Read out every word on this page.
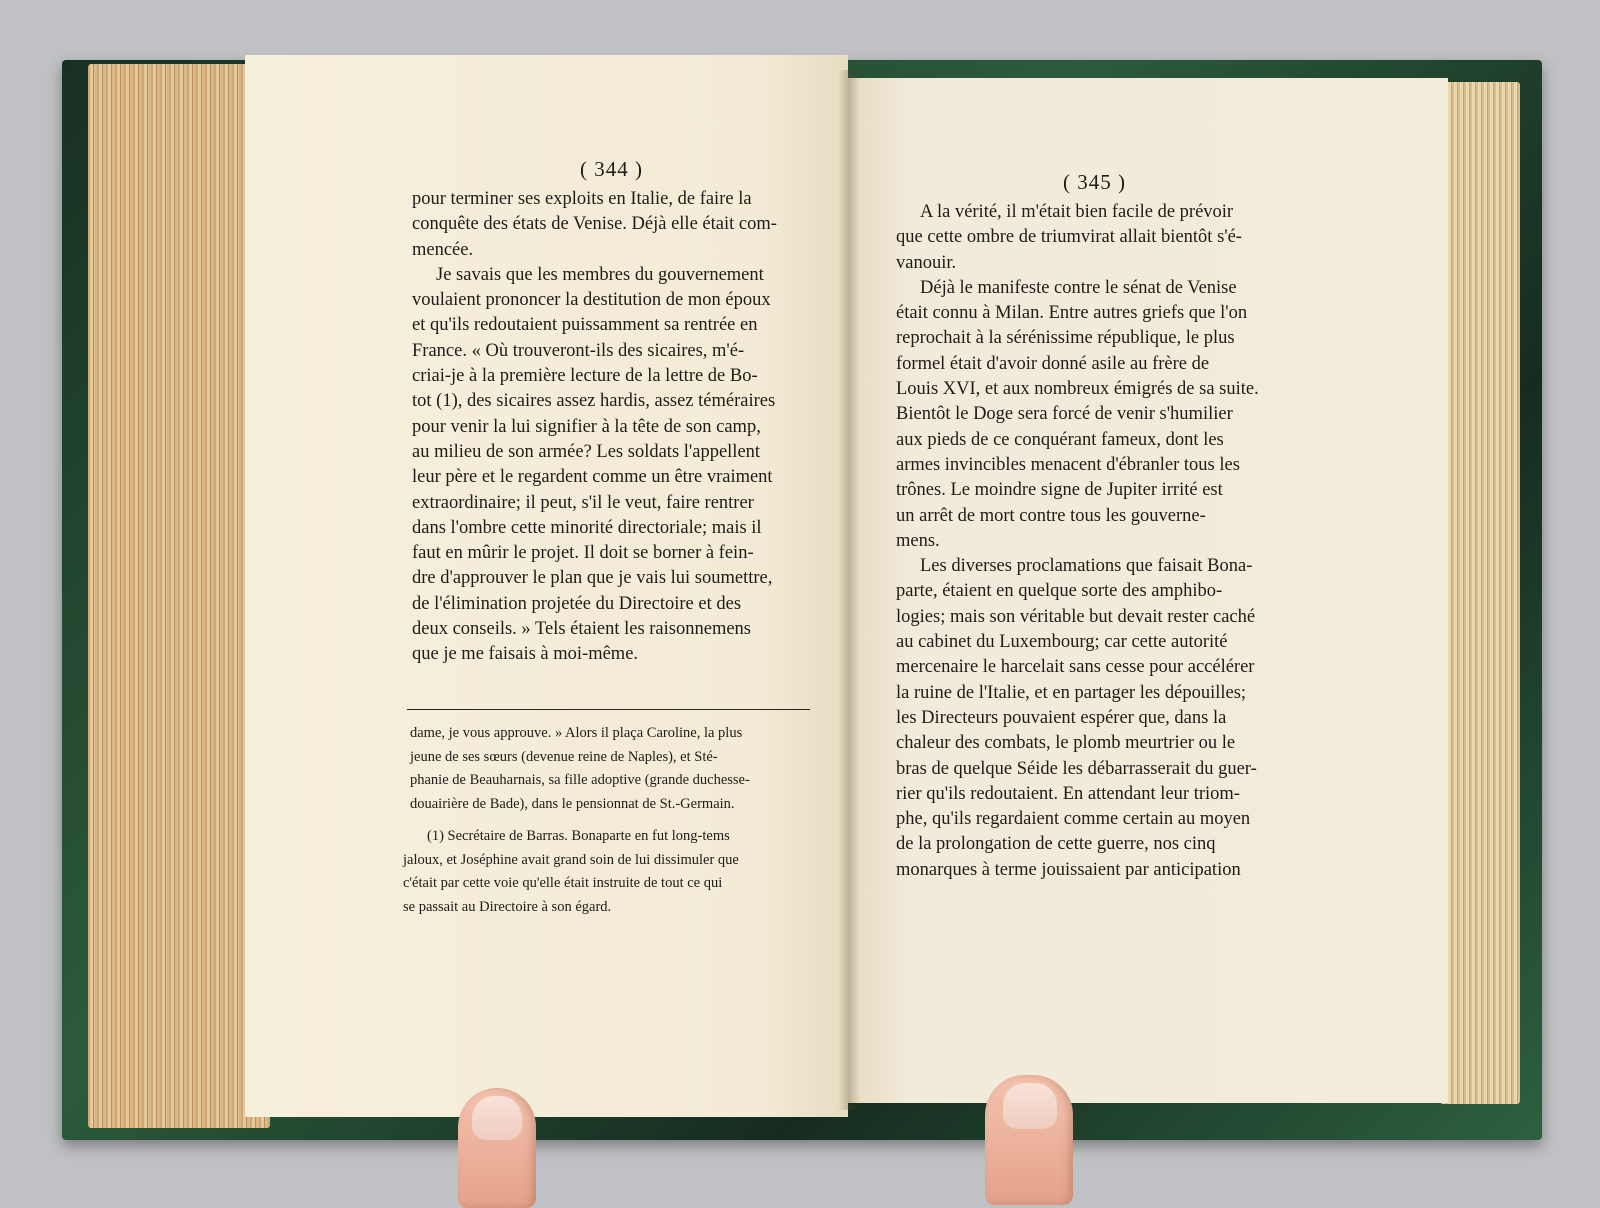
( 344 )
pour terminer ses exploits en Italie, de faire la
conquête des états de Venise. Déjà elle était com-
mencée.
Je savais que les membres du gouvernement
voulaient prononcer la destitution de mon époux
et qu'ils redoutaient puissamment sa rentrée en
France. « Où trouveront-ils des sicaires, m'é-
criai-je à la première lecture de la lettre de Bo-
tot (1), des sicaires assez hardis, assez téméraires
pour venir la lui signifier à la tête de son camp,
au milieu de son armée? Les soldats l'appellent
leur père et le regardent comme un être vraiment
extraordinaire; il peut, s'il le veut, faire rentrer
dans l'ombre cette minorité directoriale; mais il
faut en mûrir le projet. Il doit se borner à fein-
dre d'approuver le plan que je vais lui soumettre,
de l'élimination projetée du Directoire et des
deux conseils. » Tels étaient les raisonnemens
que je me faisais à moi-même.
dame, je vous approuve. » Alors il plaça Caroline, la plus
jeune de ses sœurs (devenue reine de Naples), et Sté-
phanie de Beauharnais, sa fille adoptive (grande duchesse-
douairière de Bade), dans le pensionnat de St.-Germain.
(1) Secrétaire de Barras. Bonaparte en fut long-tems
jaloux, et Joséphine avait grand soin de lui dissimuler que
c'était par cette voie qu'elle était instruite de tout ce qui
se passait au Directoire à son égard.
( 345 )
A la vérité, il m'était bien facile de prévoir
que cette ombre de triumvirat allait bientôt s'é-
vanouir.
Déjà le manifeste contre le sénat de Venise
était connu à Milan. Entre autres griefs que l'on
reprochait à la sérénissime république, le plus
formel était d'avoir donné asile au frère de
Louis XVI, et aux nombreux émigrés de sa suite.
Bientôt le Doge sera forcé de venir s'humilier
aux pieds de ce conquérant fameux, dont les
armes invincibles menacent d'ébranler tous les
trônes. Le moindre signe de Jupiter irrité est
un arrêt de mort contre tous les gouverne-
mens.
Les diverses proclamations que faisait Bona-
parte, étaient en quelque sorte des amphibo-
logies; mais son véritable but devait rester caché
au cabinet du Luxembourg; car cette autorité
mercenaire le harcelait sans cesse pour accélérer
la ruine de l'Italie, et en partager les dépouilles;
les Directeurs pouvaient espérer que, dans la
chaleur des combats, le plomb meurtrier ou le
bras de quelque Séide les débarrasserait du guer-
rier qu'ils redoutaient. En attendant leur triom-
phe, qu'ils regardaient comme certain au moyen
de la prolongation de cette guerre, nos cinq
monarques à terme jouissaient par anticipation
